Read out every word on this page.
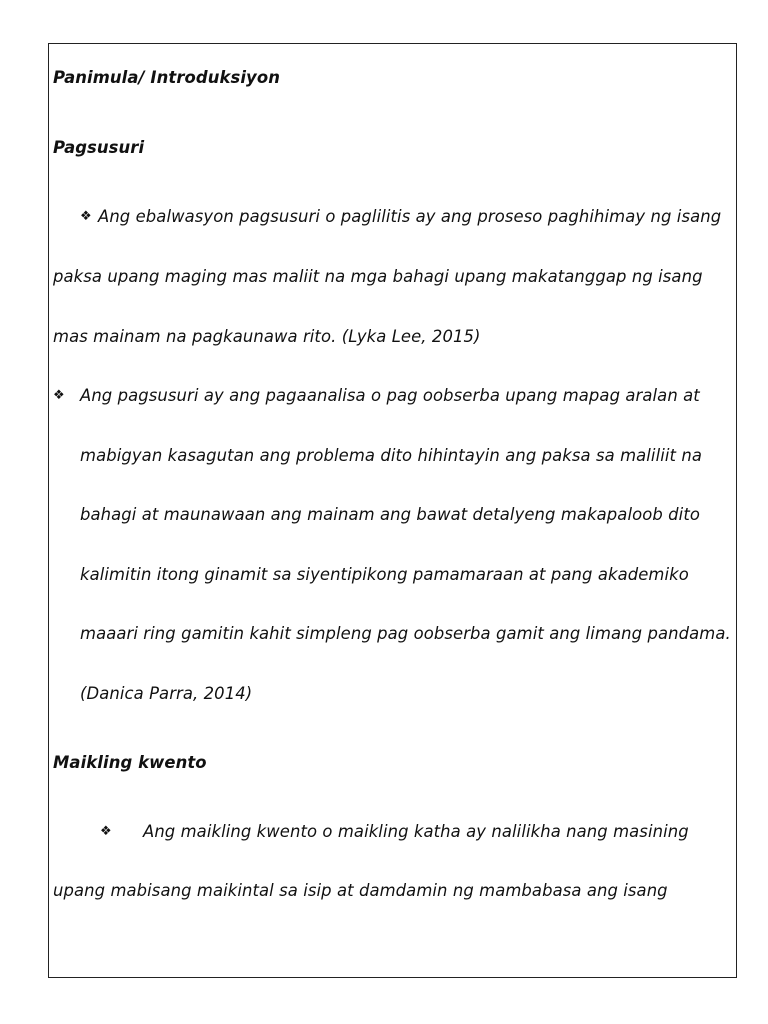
Panimula/ Introduksiyon
Pagsusuri
❖ Ang ebalwasyon pagsusuri o paglilitis ay ang proseso paghihimay ng isang
paksa upang maging mas maliit na mga bahagi upang makatanggap ng isang
mas mainam na pagkaunawa rito. (Lyka Lee, 2015)
❖ Ang pagsusuri ay ang pagaanalisa o pag oobserba upang mapag aralan at
mabigyan kasagutan ang problema dito hihintayin ang paksa sa maliliit na
bahagi at maunawaan ang mainam ang bawat detalyeng makapaloob dito
kalimitin itong ginamit sa siyentipikong pamamaraan at pang akademiko
maaari ring gamitin kahit simpleng pag oobserba gamit ang limang pandama.
(Danica Parra, 2014)
Maikling kwento
❖ Ang maikling kwento o maikling katha ay nalilikha nang masining
upang mabisang maikintal sa isip at damdamin ng mambabasa ang isang
